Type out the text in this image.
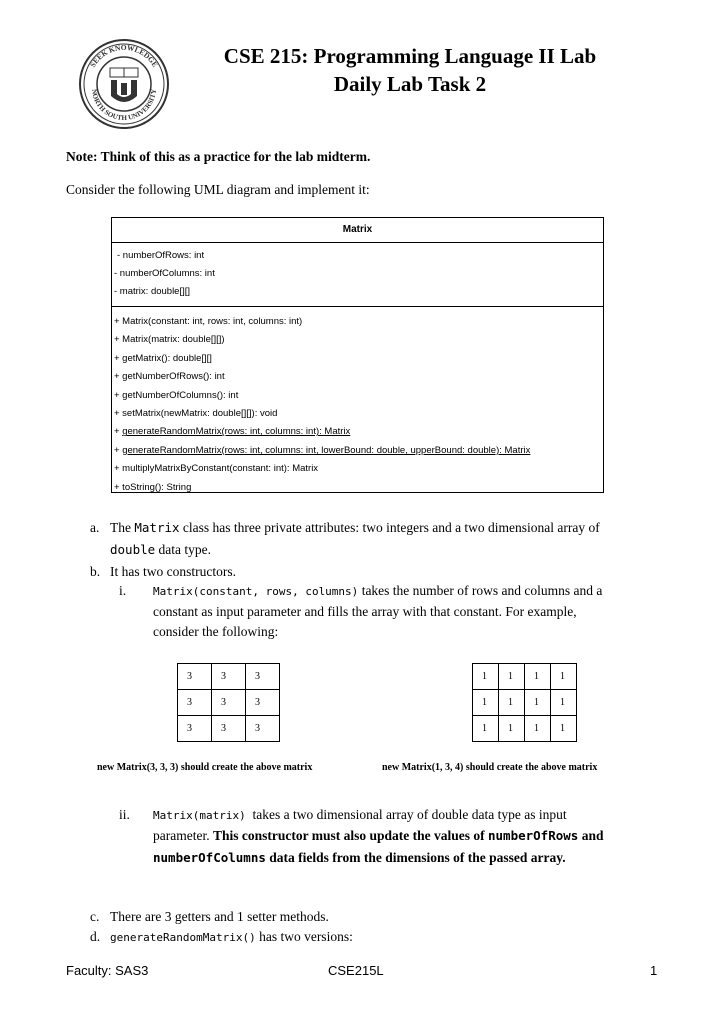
SEEK KNOWLEDGE
NORTH SOUTH UNIVERSITY
CSE 215: Programming Language II Lab
Daily Lab Task 2
Note: Think of this as a practice for the lab midterm.
Consider the following UML diagram and implement it:
Matrix
- numberOfRows: int
- numberOfColumns: int
- matrix: double[][]
+ Matrix(constant: int, rows: int, columns: int)
+ Matrix(matrix: double[][])
+ getMatrix(): double[][]
+ getNumberOfRows(): int
+ getNumberOfColumns(): int
+ setMatrix(newMatrix: double[][]): void
+ generateRandomMatrix(rows: int, columns: int): Matrix
+ generateRandomMatrix(rows: int, columns: int, lowerBound: double, upperBound: double): Matrix
+ multiplyMatrixByConstant(constant: int): Matrix
+ toString(): String
a. The Matrix class has three private attributes: two integers and a two dimensional array of
double data type.
b. It has two constructors.
i. Matrix(constant, rows, columns) takes the number of rows and columns and a
constant as input parameter and fills the array with that constant. For example,
consider the following:
3	3	3
3	3	3
3	3	3
1	1	1	1
1	1	1	1
1	1	1	1
new Matrix(3, 3, 3) should create the above matrix	new Matrix(1, 3, 4) should create the above matrix
ii. Matrix(matrix)  takes a two dimensional array of double data type as input
parameter. This constructor must also update the values of numberOfRows and
numberOfColumns data fields from the dimensions of the passed array.
c. There are 3 getters and 1 setter methods.
d. generateRandomMatrix() has two versions:
Faculty: SAS3	CSE215L	1
